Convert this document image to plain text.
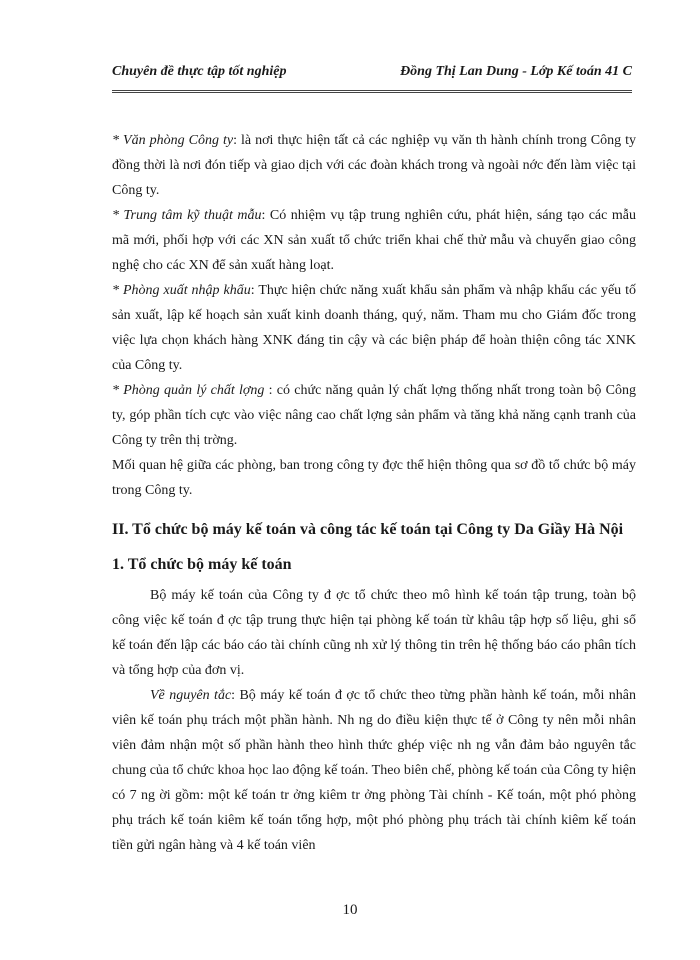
Chuyên đề thực tập tốt nghiệp	Đồng Thị Lan Dung - Lớp Kế toán 41 C

* Văn phòng Công ty: là nơi thực hiện tất cả các nghiệp vụ văn th hành chính trong Công ty đồng thời là nơi đón tiếp và giao dịch với các đoàn khách trong và ngoài nớc đến làm việc tại Công ty.

* Trung tâm kỹ thuật mẫu: Có nhiệm vụ tập trung nghiên cứu, phát hiện, sáng tạo các mẫu mã mới, phối hợp với các XN sản xuất tổ chức triển khai chế thử mẫu và chuyển giao công nghệ cho các XN để sản xuất hàng loạt.

* Phòng xuất nhập khẩu: Thực hiện chức năng xuất khẩu sản phẩm và nhập khẩu các yếu tố sản xuất, lập kế hoạch sản xuất kinh doanh tháng, quý, năm. Tham mu cho Giám đốc trong việc lựa chọn khách hàng XNK đáng tin cậy và các biện pháp để hoàn thiện công tác XNK của Công ty.

* Phòng quản lý chất lợng : có chức năng quản lý chất lợng thống nhất trong toàn bộ Công ty, góp phần tích cực vào việc nâng cao chất lợng sản phẩm và tăng khả năng cạnh tranh của Công ty trên thị trờng.

Mối quan hệ giữa các phòng, ban trong công ty đợc thể hiện thông qua sơ đồ tổ chức bộ máy trong Công ty.

II. Tổ chức bộ máy kế toán và công tác kế toán tại Công ty Da Giầy Hà Nội

1. Tổ chức bộ máy kế toán

Bộ máy kế toán của Công ty đ ợc tổ chức theo mô hình kế toán tập trung, toàn bộ công việc kế toán đ ợc tập trung thực hiện tại phòng kế toán từ khâu tập hợp số liệu, ghi sổ kế toán đến lập các báo cáo tài chính cũng nh xử lý thông tin trên hệ thống báo cáo phân tích và tổng hợp của đơn vị.

Về nguyên tắc: Bộ máy kế toán đ ợc tổ chức theo từng phần hành kế toán, mỗi nhân viên kế toán phụ trách một phần hành. Nh ng do điều kiện thực tế ở Công ty nên mỗi nhân viên đảm nhận một số phần hành theo hình thức ghép việc nh ng vẫn đảm bảo nguyên tắc chung của tổ chức khoa học lao động kế toán. Theo biên chế, phòng kế toán của Công ty hiện có 7 ng ời gồm: một kế toán tr ởng kiêm tr ởng phòng Tài chính - Kế toán, một phó phòng phụ trách kế toán kiêm kế toán tổng hợp, một phó phòng phụ trách tài chính kiêm kế toán tiền gửi ngân hàng và 4 kế toán viên

10
